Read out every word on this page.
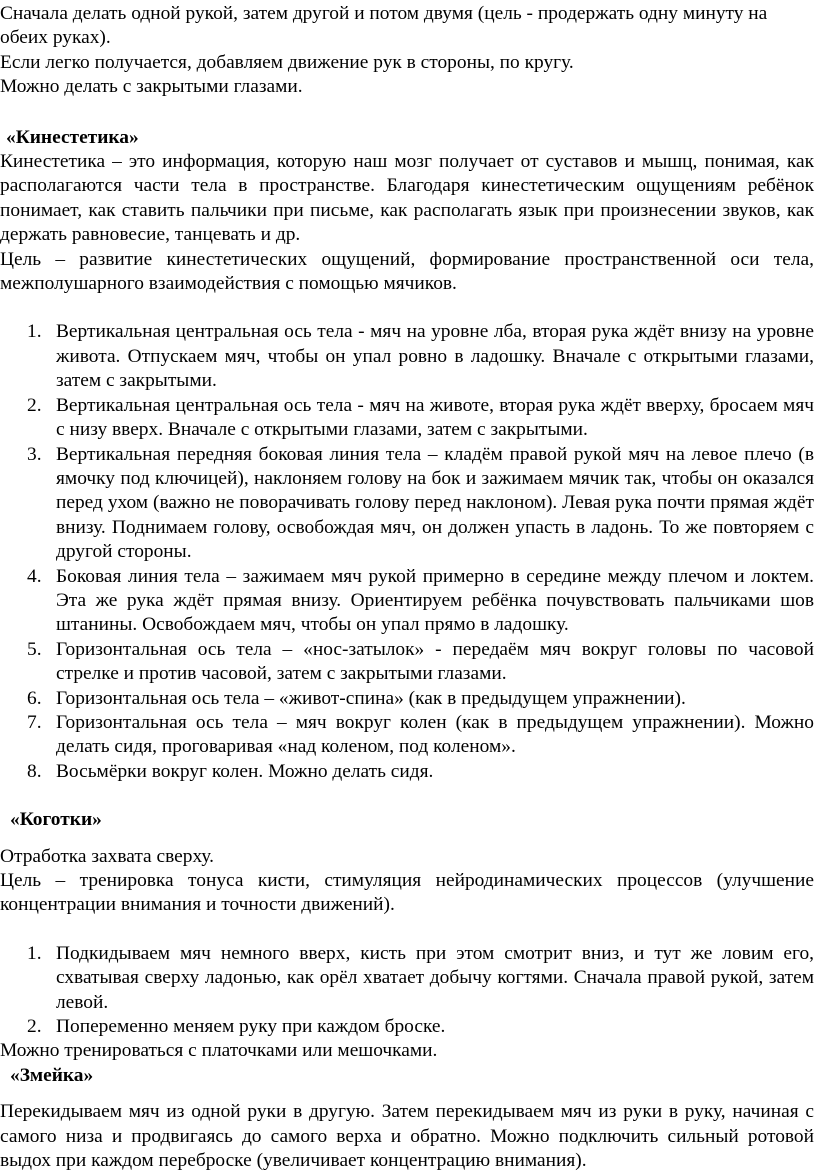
Сначала делать одной рукой, затем другой и потом двумя (цель - продержать одну минуту на обеих руках).

Если легко получается, добавляем движение рук в стороны, по кругу.

Можно делать с закрытыми глазами.

«Кинестетика»

Кинестетика – это информация, которую наш мозг получает от суставов и мышц, понимая, как располагаются части тела в пространстве. Благодаря кинестетическим ощущениям ребёнок понимает, как ставить пальчики при письме, как располагать язык при произнесении звуков, как держать равновесие, танцевать и др.

Цель – развитие кинестетических ощущений, формирование пространственной оси тела, межполушарного взаимодействия с помощью мячиков.

1. Вертикальная центральная ось тела - мяч на уровне лба, вторая рука ждёт внизу на уровне живота. Отпускаем мяч, чтобы он упал ровно в ладошку. Вначале с открытыми глазами, затем с закрытыми.
2. Вертикальная центральная ось тела - мяч на животе, вторая рука ждёт вверху, бросаем мяч с низу вверх. Вначале с открытыми глазами, затем с закрытыми.
3. Вертикальная передняя боковая линия тела – кладём правой рукой мяч на левое плечо (в ямочку под ключицей), наклоняем голову на бок и зажимаем мячик так, чтобы он оказался перед ухом (важно не поворачивать голову перед наклоном). Левая рука почти прямая ждёт внизу. Поднимаем голову, освобождая мяч, он должен упасть в ладонь. То же повторяем с другой стороны.
4. Боковая линия тела – зажимаем мяч рукой примерно в середине между плечом и локтем. Эта же рука ждёт прямая внизу. Ориентируем ребёнка почувствовать пальчиками шов штанины. Освобождаем мяч, чтобы он упал прямо в ладошку.
5. Горизонтальная ось тела – «нос-затылок» - передаём мяч вокруг головы по часовой стрелке и против часовой, затем с закрытыми глазами.
6. Горизонтальная ось тела – «живот-спина» (как в предыдущем упражнении).
7. Горизонтальная ось тела – мяч вокруг колен (как в предыдущем упражнении). Можно делать сидя, проговаривая «над коленом, под коленом».
8. Восьмёрки вокруг колен. Можно делать сидя.

«Коготки»

Отработка захвата сверху.

Цель – тренировка тонуса кисти, стимуляция нейродинамических процессов (улучшение концентрации внимания и точности движений).

1. Подкидываем мяч немного вверх, кисть при этом смотрит вниз, и тут же ловим его, схватывая сверху ладонью, как орёл хватает добычу когтями. Сначала правой рукой, затем левой.
2. Попеременно меняем руку при каждом броске.

Можно тренироваться с платочками или мешочками.

«Змейка»

Перекидываем мяч из одной руки в другую. Затем перекидываем мяч из руки в руку, начиная с самого низа и продвигаясь до самого верха и обратно. Можно подключить сильный ротовой выдох при каждом переброске (увеличивает концентрацию внимания).
